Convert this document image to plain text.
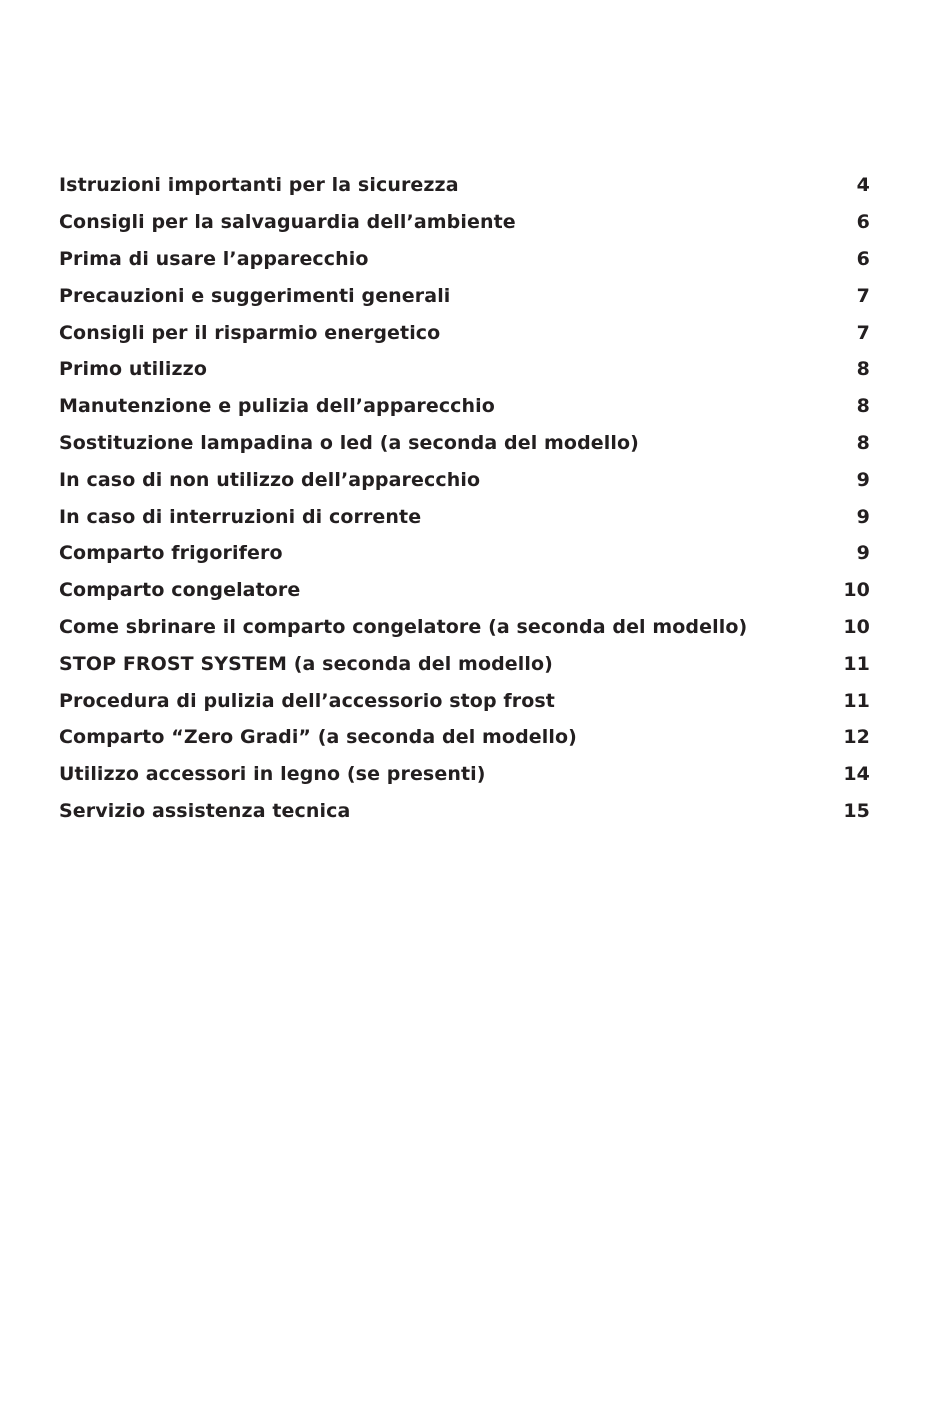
Istruzioni importanti per la sicurezza	4
Consigli per la salvaguardia dell’ambiente	6
Prima di usare l’apparecchio	6
Precauzioni e suggerimenti generali	7
Consigli per il risparmio energetico	7
Primo utilizzo	8
Manutenzione e pulizia dell’apparecchio	8
Sostituzione lampadina o led (a seconda del modello)	8
In caso di non utilizzo dell’apparecchio	9
In caso di interruzioni di corrente	9
Comparto frigorifero	9
Comparto congelatore	10
Come sbrinare il comparto congelatore (a seconda del modello)	10
STOP FROST SYSTEM (a seconda del modello)	11
Procedura di pulizia dell’accessorio stop frost	11
Comparto “Zero Gradi” (a seconda del modello)	12
Utilizzo accessori in legno (se presenti)	14
Servizio assistenza tecnica	15
